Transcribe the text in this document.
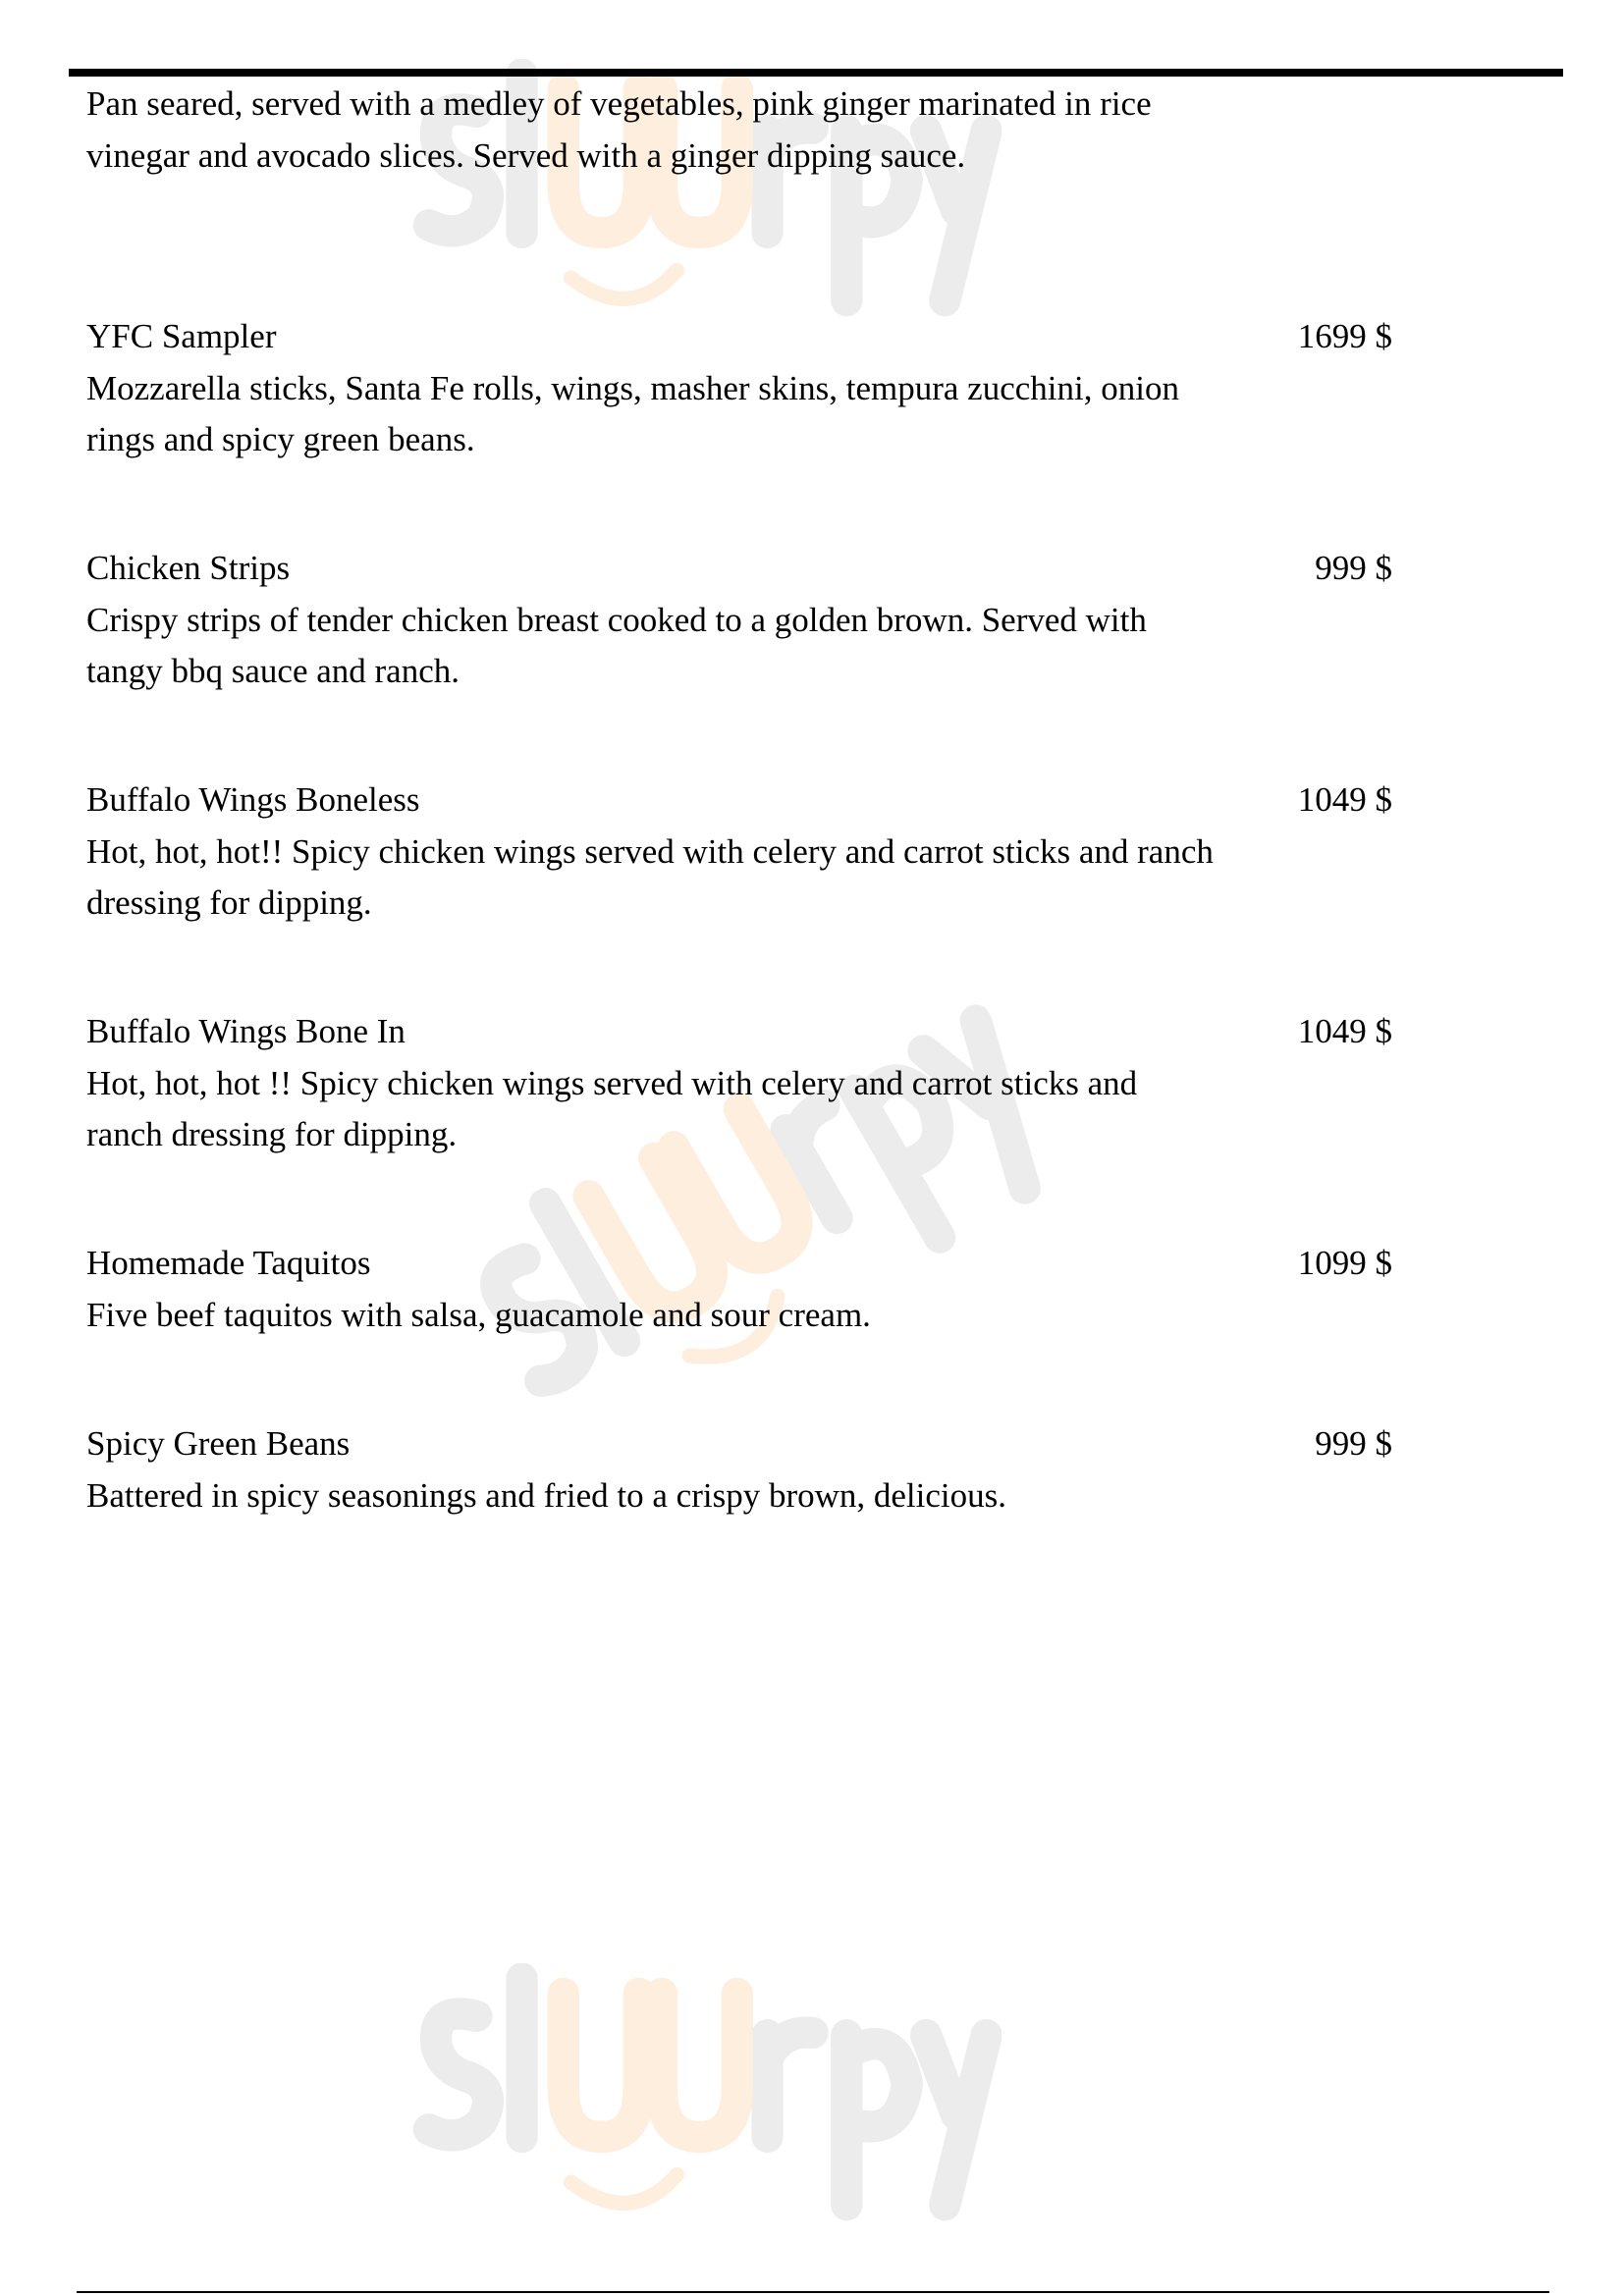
Pan seared, served with a medley of vegetables, pink ginger marinated in rice vinegar and avocado slices. Served with a ginger dipping sauce.
YFC Sampler	1699 $
Mozzarella sticks, Santa Fe rolls, wings, masher skins, tempura zucchini, onion rings and spicy green beans.
Chicken Strips	999 $
Crispy strips of tender chicken breast cooked to a golden brown. Served with tangy bbq sauce and ranch.
Buffalo Wings Boneless	1049 $
Hot, hot, hot!! Spicy chicken wings served with celery and carrot sticks and ranch dressing for dipping.
Buffalo Wings Bone In	1049 $
Hot, hot, hot !! Spicy chicken wings served with celery and carrot sticks and ranch dressing for dipping.
Homemade Taquitos	1099 $
Five beef taquitos with salsa, guacamole and sour cream.
Spicy Green Beans	999 $
Battered in spicy seasonings and fried to a crispy brown, delicious.
